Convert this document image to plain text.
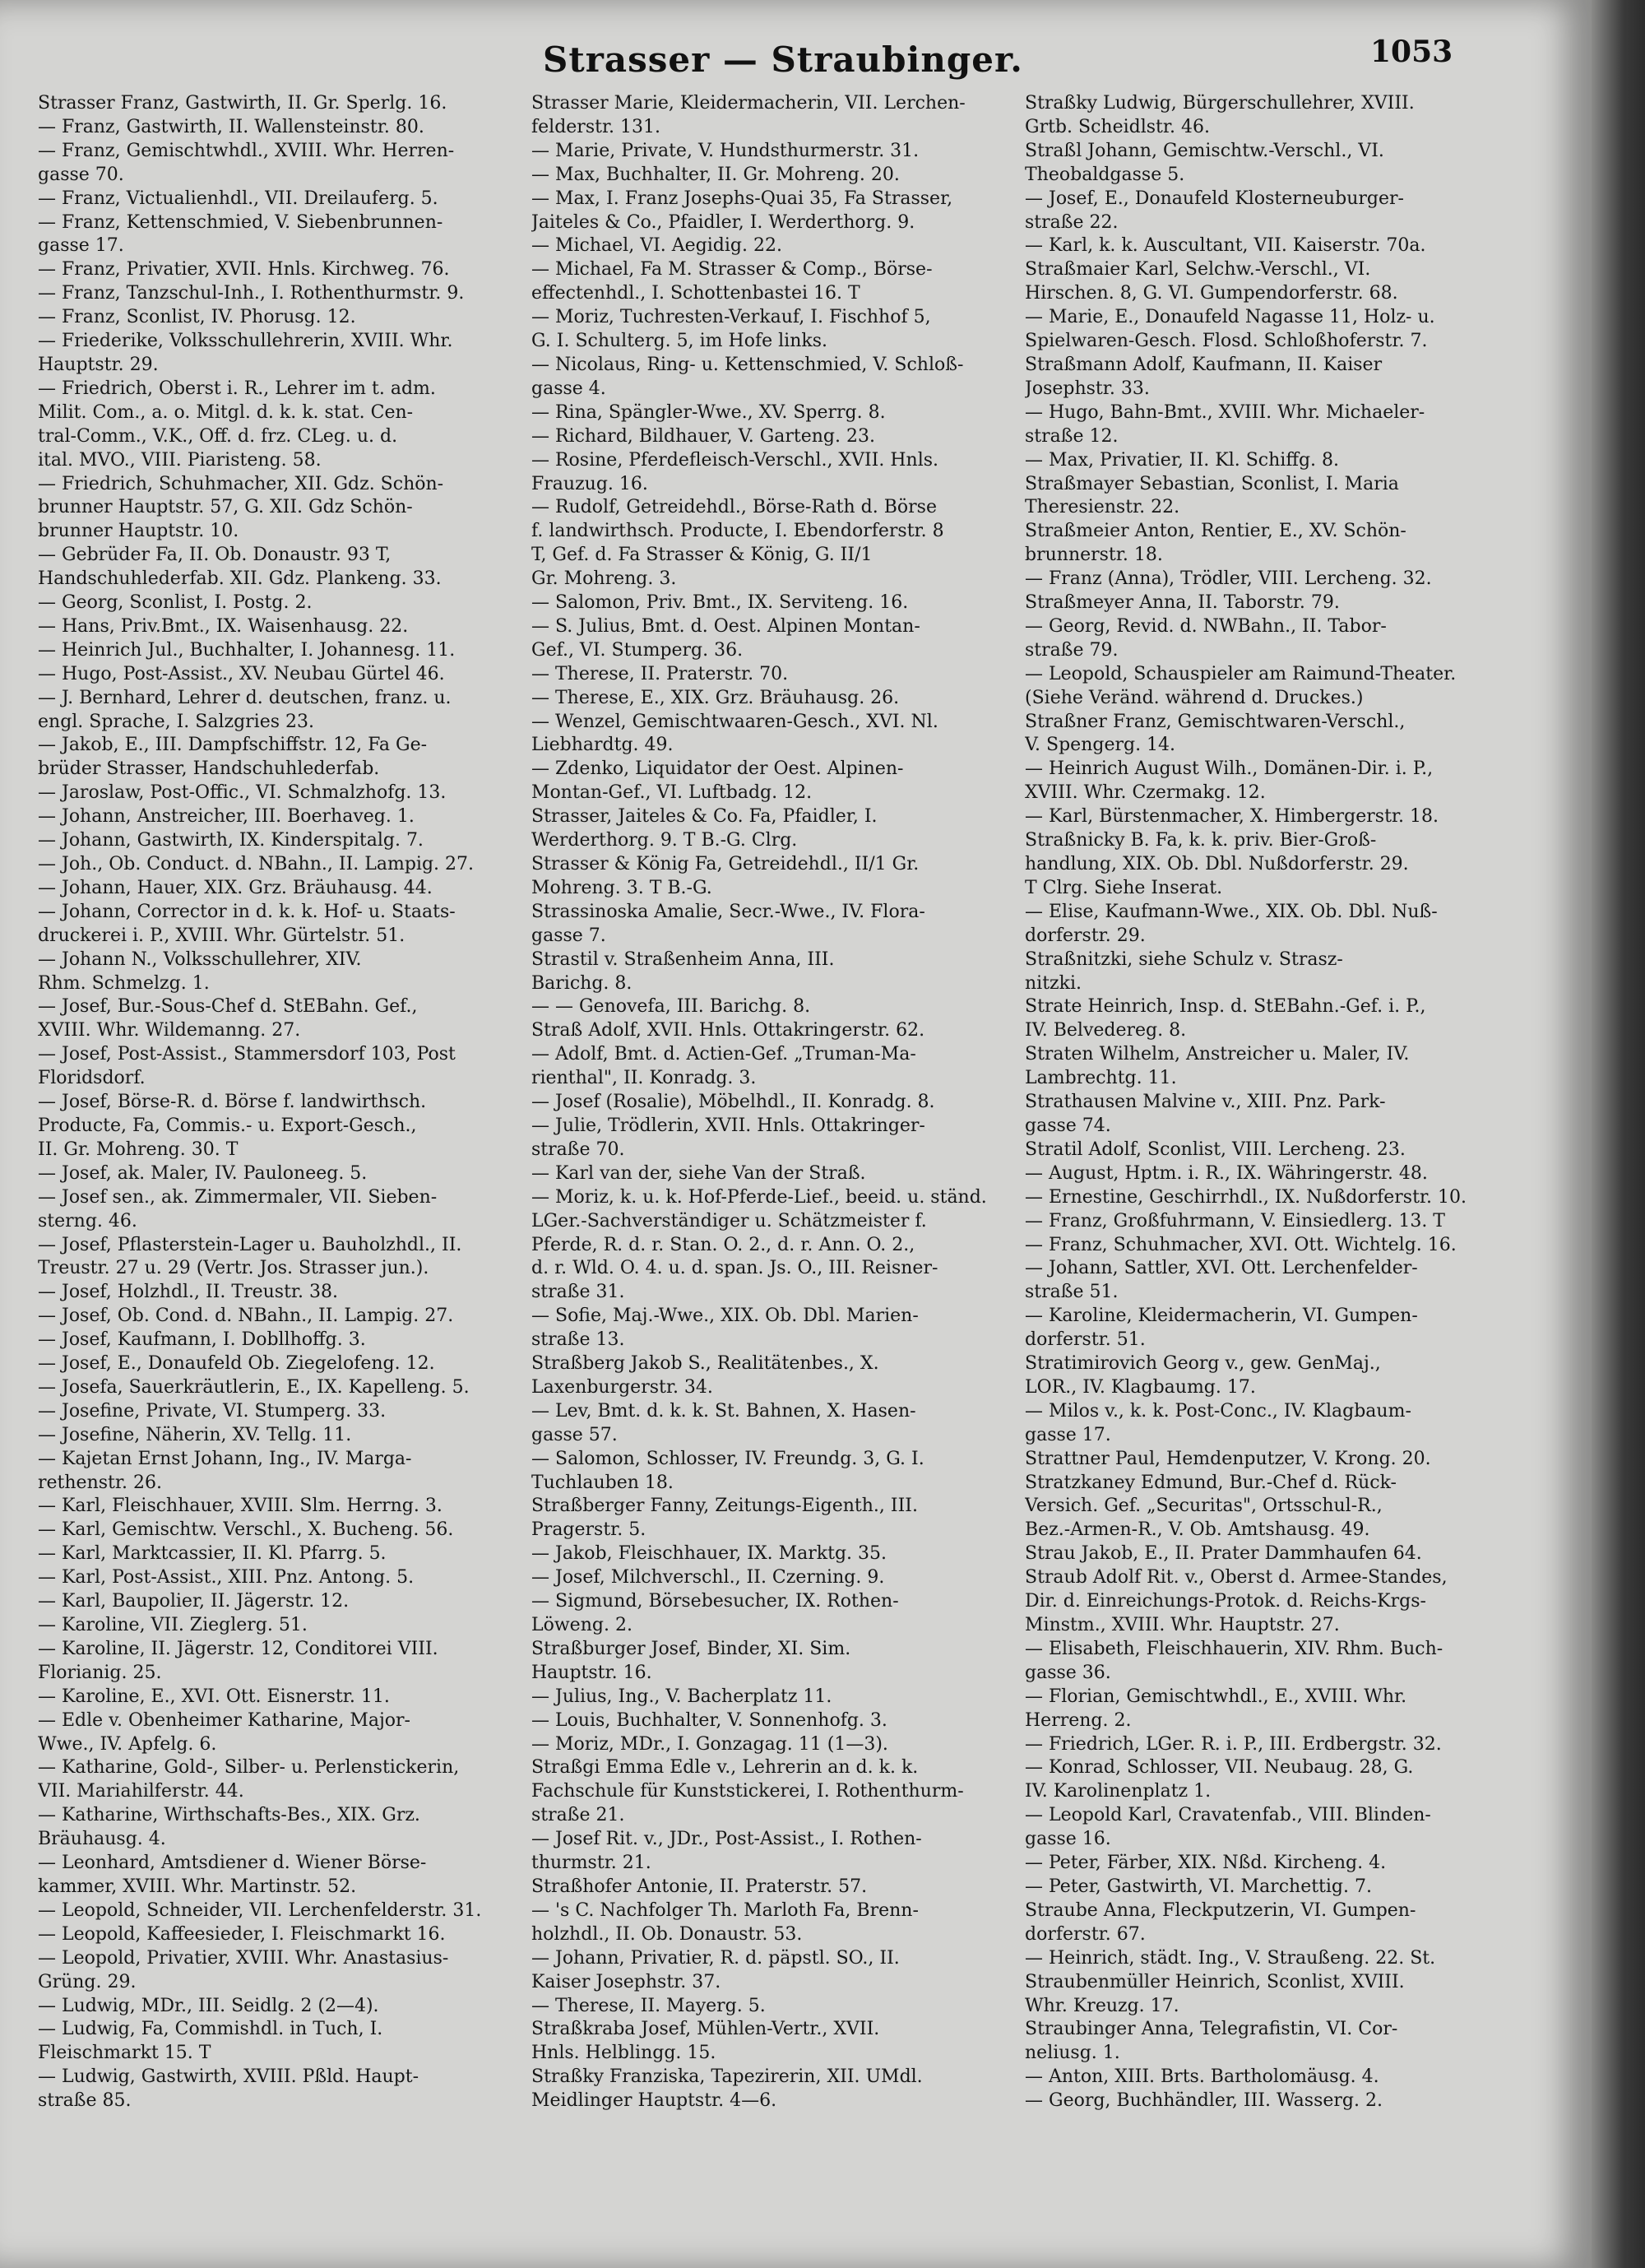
Strasser — Straubinger.	1053
Strasser Franz, Gastwirth, II. Gr. Sperlg. 16.
— Franz, Gastwirth, II. Wallensteinstr. 80.
— Franz, Gemischtwhdl., XVIII. Whr. Herren-
gasse 70.
— Franz, Victualienhdl., VII. Dreilauferg. 5.
— Franz, Kettenschmied, V. Siebenbrunnen-
gasse 17.
— Franz, Privatier, XVII. Hnls. Kirchweg. 76.
— Franz, Tanzschul-Inh., I. Rothenthurmstr. 9.
— Franz, Sconlist, IV. Phorusg. 12.
— Friederike, Volksschullehrerin, XVIII. Whr.
Hauptstr. 29.
— Friedrich, Oberst i. R., Lehrer im t. adm.
Milit. Com., a. o. Mitgl. d. k. k. stat. Cen-
tral-Comm., V.K., Off. d. frz. CLeg. u. d.
ital. MVO., VIII. Piaristeng. 58.
— Friedrich, Schuhmacher, XII. Gdz. Schön-
brunner Hauptstr. 57, G. XII. Gdz Schön-
brunner Hauptstr. 10.
— Gebrüder Fa, II. Ob. Donaustr. 93 T,
Handschuhlederfab. XII. Gdz. Plankeng. 33.
— Georg, Sconlist, I. Postg. 2.
— Hans, Priv.Bmt., IX. Waisenhausg. 22.
— Heinrich Jul., Buchhalter, I. Johannesg. 11.
— Hugo, Post-Assist., XV. Neubau Gürtel 46.
— J. Bernhard, Lehrer d. deutschen, franz. u.
engl. Sprache, I. Salzgries 23.
— Jakob, E., III. Dampfschiffstr. 12, Fa Ge-
brüder Strasser, Handschuhlederfab.
— Jaroslaw, Post-Offic., VI. Schmalzhofg. 13.
— Johann, Anstreicher, III. Boerhaveg. 1.
— Johann, Gastwirth, IX. Kinderspitalg. 7.
— Joh., Ob. Conduct. d. NBahn., II. Lampig. 27.
— Johann, Hauer, XIX. Grz. Bräuhausg. 44.
— Johann, Corrector in d. k. k. Hof- u. Staats-
druckerei i. P., XVIII. Whr. Gürtelstr. 51.
— Johann N., Volksschullehrer, XIV.
Rhm. Schmelzg. 1.
— Josef, Bur.-Sous-Chef d. StEBahn. Gef.,
XVIII. Whr. Wildemanng. 27.
— Josef, Post-Assist., Stammersdorf 103, Post
Floridsdorf.
— Josef, Börse-R. d. Börse f. landwirthsch.
Producte, Fa, Commis.- u. Export-Gesch.,
II. Gr. Mohreng. 30. T
— Josef, ak. Maler, IV. Pauloneeg. 5.
— Josef sen., ak. Zimmermaler, VII. Sieben-
sterng. 46.
— Josef, Pflasterstein-Lager u. Bauholzhdl., II.
Treustr. 27 u. 29 (Vertr. Jos. Strasser jun.).
— Josef, Holzhdl., II. Treustr. 38.
— Josef, Ob. Cond. d. NBahn., II. Lampig. 27.
— Josef, Kaufmann, I. Dobllhoffg. 3.
— Josef, E., Donaufeld Ob. Ziegelofeng. 12.
— Josefa, Sauerkräutlerin, E., IX. Kapelleng. 5.
— Josefine, Private, VI. Stumperg. 33.
— Josefine, Näherin, XV. Tellg. 11.
— Kajetan Ernst Johann, Ing., IV. Marga-
rethenstr. 26.
— Karl, Fleischhauer, XVIII. Slm. Herrng. 3.
— Karl, Gemischtw. Verschl., X. Bucheng. 56.
— Karl, Marktcassier, II. Kl. Pfarrg. 5.
— Karl, Post-Assist., XIII. Pnz. Antong. 5.
— Karl, Baupolier, II. Jägerstr. 12.
— Karoline, VII. Zieglerg. 51.
— Karoline, II. Jägerstr. 12, Conditorei VIII.
Florianig. 25.
— Karoline, E., XVI. Ott. Eisnerstr. 11.
— Edle v. Obenheimer Katharine, Major-
Wwe., IV. Apfelg. 6.
— Katharine, Gold-, Silber- u. Perlenstickerin,
VII. Mariahilferstr. 44.
— Katharine, Wirthschafts-Bes., XIX. Grz.
Bräuhausg. 4.
— Leonhard, Amtsdiener d. Wiener Börse-
kammer, XVIII. Whr. Martinstr. 52.
— Leopold, Schneider, VII. Lerchenfelderstr. 31.
— Leopold, Kaffeesieder, I. Fleischmarkt 16.
— Leopold, Privatier, XVIII. Whr. Anastasius-
Grüng. 29.
— Ludwig, MDr., III. Seidlg. 2 (2—4).
— Ludwig, Fa, Commishdl. in Tuch, I.
Fleischmarkt 15. T
— Ludwig, Gastwirth, XVIII. Pßld. Haupt-
straße 85.
Strasser Marie, Kleidermacherin, VII. Lerchen-
felderstr. 131.
— Marie, Private, V. Hundsthurmerstr. 31.
— Max, Buchhalter, II. Gr. Mohreng. 20.
— Max, I. Franz Josephs-Quai 35, Fa Strasser,
Jaiteles & Co., Pfaidler, I. Werderthorg. 9.
— Michael, VI. Aegidig. 22.
— Michael, Fa M. Strasser & Comp., Börse-
effectenhdl., I. Schottenbastei 16. T
— Moriz, Tuchresten-Verkauf, I. Fischhof 5,
G. I. Schulterg. 5, im Hofe links.
— Nicolaus, Ring- u. Kettenschmied, V. Schloß-
gasse 4.
— Rina, Spängler-Wwe., XV. Sperrg. 8.
— Richard, Bildhauer, V. Garteng. 23.
— Rosine, Pferdefleisch-Verschl., XVII. Hnls.
Frauzug. 16.
— Rudolf, Getreidehdl., Börse-Rath d. Börse
f. landwirthsch. Producte, I. Ebendorferstr. 8
T, Gef. d. Fa Strasser & König, G. II/1
Gr. Mohreng. 3.
— Salomon, Priv. Bmt., IX. Serviteng. 16.
— S. Julius, Bmt. d. Oest. Alpinen Montan-
Gef., VI. Stumperg. 36.
— Therese, II. Praterstr. 70.
— Therese, E., XIX. Grz. Bräuhausg. 26.
— Wenzel, Gemischtwaaren-Gesch., XVI. Nl.
Liebhardtg. 49.
— Zdenko, Liquidator der Oest. Alpinen-
Montan-Gef., VI. Luftbadg. 12.
Strasser, Jaiteles & Co. Fa, Pfaidler, I.
Werderthorg. 9. T B.-G. Clrg.
Strasser & König Fa, Getreidehdl., II/1 Gr.
Mohreng. 3. T B.-G.
Strassinoska Amalie, Secr.-Wwe., IV. Flora-
gasse 7.
Strastil v. Straßenheim Anna, III.
Barichg. 8.
— — Genovefa, III. Barichg. 8.
Straß Adolf, XVII. Hnls. Ottakringerstr. 62.
— Adolf, Bmt. d. Actien-Gef. „Truman-Ma-
rienthal", II. Konradg. 3.
— Josef (Rosalie), Möbelhdl., II. Konradg. 8.
— Julie, Trödlerin, XVII. Hnls. Ottakringer-
straße 70.
— Karl van der, siehe Van der Straß.
— Moriz, k. u. k. Hof-Pferde-Lief., beeid. u. ständ.
LGer.-Sachverständiger u. Schätzmeister f.
Pferde, R. d. r. Stan. O. 2., d. r. Ann. O. 2.,
d. r. Wld. O. 4. u. d. span. Js. O., III. Reisner-
straße 31.
— Sofie, Maj.-Wwe., XIX. Ob. Dbl. Marien-
straße 13.
Straßberg Jakob S., Realitätenbes., X.
Laxenburgerstr. 34.
— Lev, Bmt. d. k. k. St. Bahnen, X. Hasen-
gasse 57.
— Salomon, Schlosser, IV. Freundg. 3, G. I.
Tuchlauben 18.
Straßberger Fanny, Zeitungs-Eigenth., III.
Pragerstr. 5.
— Jakob, Fleischhauer, IX. Marktg. 35.
— Josef, Milchverschl., II. Czerning. 9.
— Sigmund, Börsebesucher, IX. Rothen-
Löweng. 2.
Straßburger Josef, Binder, XI. Sim.
Hauptstr. 16.
— Julius, Ing., V. Bacherplatz 11.
— Louis, Buchhalter, V. Sonnenhofg. 3.
— Moriz, MDr., I. Gonzagag. 11 (1—3).
Straßgi Emma Edle v., Lehrerin an d. k. k.
Fachschule für Kunststickerei, I. Rothenthurm-
straße 21.
— Josef Rit. v., JDr., Post-Assist., I. Rothen-
thurmstr. 21.
Straßhofer Antonie, II. Praterstr. 57.
— 's C. Nachfolger Th. Marloth Fa, Brenn-
holzhdl., II. Ob. Donaustr. 53.
— Johann, Privatier, R. d. päpstl. SO., II.
Kaiser Josephstr. 37.
— Therese, II. Mayerg. 5.
Straßkraba Josef, Mühlen-Vertr., XVII.
Hnls. Helblingg. 15.
Straßky Franziska, Tapezirerin, XII. UMdl.
Meidlinger Hauptstr. 4—6.
Straßky Ludwig, Bürgerschullehrer, XVIII.
Grtb. Scheidlstr. 46.
Straßl Johann, Gemischtw.-Verschl., VI.
Theobaldgasse 5.
— Josef, E., Donaufeld Klosterneuburger-
straße 22.
— Karl, k. k. Auscultant, VII. Kaiserstr. 70a.
Straßmaier Karl, Selchw.-Verschl., VI.
Hirschen. 8, G. VI. Gumpendorferstr. 68.
— Marie, E., Donaufeld Nagasse 11, Holz- u.
Spielwaren-Gesch. Flosd. Schloßhoferstr. 7.
Straßmann Adolf, Kaufmann, II. Kaiser
Josephstr. 33.
— Hugo, Bahn-Bmt., XVIII. Whr. Michaeler-
straße 12.
— Max, Privatier, II. Kl. Schiffg. 8.
Straßmayer Sebastian, Sconlist, I. Maria
Theresienstr. 22.
Straßmeier Anton, Rentier, E., XV. Schön-
brunnerstr. 18.
— Franz (Anna), Trödler, VIII. Lercheng. 32.
Straßmeyer Anna, II. Taborstr. 79.
— Georg, Revid. d. NWBahn., II. Tabor-
straße 79.
— Leopold, Schauspieler am Raimund-Theater.
(Siehe Veränd. während d. Druckes.)
Straßner Franz, Gemischtwaren-Verschl.,
V. Spengerg. 14.
— Heinrich August Wilh., Domänen-Dir. i. P.,
XVIII. Whr. Czermakg. 12.
— Karl, Bürstenmacher, X. Himbergerstr. 18.
Straßnicky B. Fa, k. k. priv. Bier-Groß-
handlung, XIX. Ob. Dbl. Nußdorferstr. 29.
T Clrg. Siehe Inserat.
— Elise, Kaufmann-Wwe., XIX. Ob. Dbl. Nuß-
dorferstr. 29.
Straßnitzki, siehe Schulz v. Strasz-
nitzki.
Strate Heinrich, Insp. d. StEBahn.-Gef. i. P.,
IV. Belvedereg. 8.
Straten Wilhelm, Anstreicher u. Maler, IV.
Lambrechtg. 11.
Strathausen Malvine v., XIII. Pnz. Park-
gasse 74.
Stratil Adolf, Sconlist, VIII. Lercheng. 23.
— August, Hptm. i. R., IX. Währingerstr. 48.
— Ernestine, Geschirrhdl., IX. Nußdorferstr. 10.
— Franz, Großfuhrmann, V. Einsiedlerg. 13. T
— Franz, Schuhmacher, XVI. Ott. Wichtelg. 16.
— Johann, Sattler, XVI. Ott. Lerchenfelder-
straße 51.
— Karoline, Kleidermacherin, VI. Gumpen-
dorferstr. 51.
Stratimirovich Georg v., gew. GenMaj.,
LOR., IV. Klagbaumg. 17.
— Milos v., k. k. Post-Conc., IV. Klagbaum-
gasse 17.
Strattner Paul, Hemdenputzer, V. Krong. 20.
Stratzkaney Edmund, Bur.-Chef d. Rück-
Versich. Gef. „Securitas", Ortsschul-R.,
Bez.-Armen-R., V. Ob. Amtshausg. 49.
Strau Jakob, E., II. Prater Dammhaufen 64.
Straub Adolf Rit. v., Oberst d. Armee-Standes,
Dir. d. Einreichungs-Protok. d. Reichs-Krgs-
Minstm., XVIII. Whr. Hauptstr. 27.
— Elisabeth, Fleischhauerin, XIV. Rhm. Buch-
gasse 36.
— Florian, Gemischtwhdl., E., XVIII. Whr.
Herreng. 2.
— Friedrich, LGer. R. i. P., III. Erdbergstr. 32.
— Konrad, Schlosser, VII. Neubaug. 28, G.
IV. Karolinenplatz 1.
— Leopold Karl, Cravatenfab., VIII. Blinden-
gasse 16.
— Peter, Färber, XIX. Nßd. Kircheng. 4.
— Peter, Gastwirth, VI. Marchettig. 7.
Straube Anna, Fleckputzerin, VI. Gumpen-
dorferstr. 67.
— Heinrich, städt. Ing., V. Straußeng. 22. St.
Straubenmüller Heinrich, Sconlist, XVIII.
Whr. Kreuzg. 17.
Straubinger Anna, Telegrafistin, VI. Cor-
neliusg. 1.
— Anton, XIII. Brts. Bartholomäusg. 4.
— Georg, Buchhändler, III. Wasserg. 2.
